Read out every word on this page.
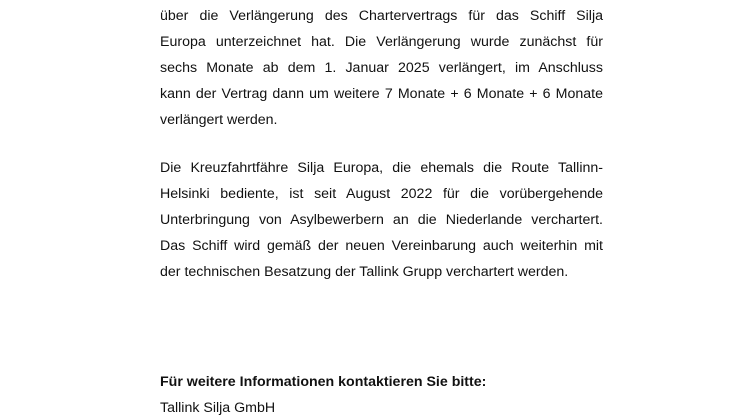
über die Verlängerung des Chartervertrags für das Schiff Silja
Europa unterzeichnet hat. Die Verlängerung wurde zunächst für
sechs Monate ab dem 1. Januar 2025 verlängert, im Anschluss
kann der Vertrag dann um weitere 7 Monate + 6 Monate + 6 Monate
verlängert werden.

Die Kreuzfahrtfähre Silja Europa, die ehemals die Route Tallinn-
Helsinki bediente, ist seit August 2022 für die vorübergehende
Unterbringung von Asylbewerbern an die Niederlande verchartert.
Das Schiff wird gemäß der neuen Vereinbarung auch weiterhin mit
der technischen Besatzung der Tallink Grupp verchartert werden.

Für weitere Informationen kontaktieren Sie bitte:

Tallink Silja GmbH
